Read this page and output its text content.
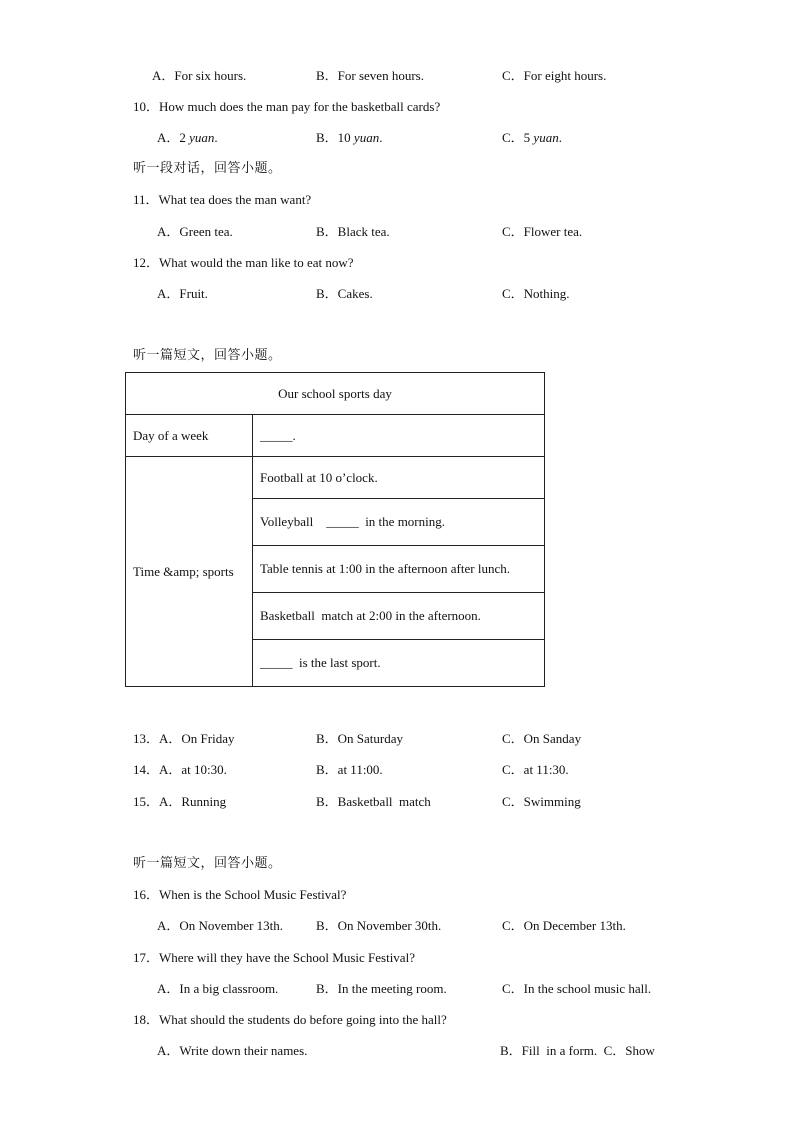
A．For six hours.	B．For seven hours.	C．For eight hours.
10．How much does the man pay for the basketball cards?
A．2 yuan.	B．10 yuan.	C．5 yuan.
听一段对话，回答小题。
11．What tea does the man want?
A．Green tea.	B．Black tea.	C．Flower tea.
12．What would the man like to eat now?
A．Fruit.	B．Cakes.	C．Nothing.
听一篇短文，回答小题。
Our school sports day	
Day of a week	_____.
Time &amp; sports	Football at 10 o’clock.
	Volleyball    _____  in the morning.
	Table tennis at 1:00 in the afternoon after lunch.
	Basketball  match at 2:00 in the afternoon.
	_____  is the last sport.
13．A．On Friday	B．On Saturday	C．On Sanday
14．A．at 10:30.	B．at 11:00.	C．at 11:30.
15．A．Running	B．Basketball  match	C．Swimming
听一篇短文，回答小题。
16．When is the School Music Festival?
A．On November 13th.	B．On November 30th.	C．On December 13th.
17．Where will they have the School Music Festival?
A．In a big classroom.	B．In the meeting room.	C．In the school music hall.
18．What should the students do before going into the hall?
A．Write down their names.	B．Fill  in a form.  C．Show
